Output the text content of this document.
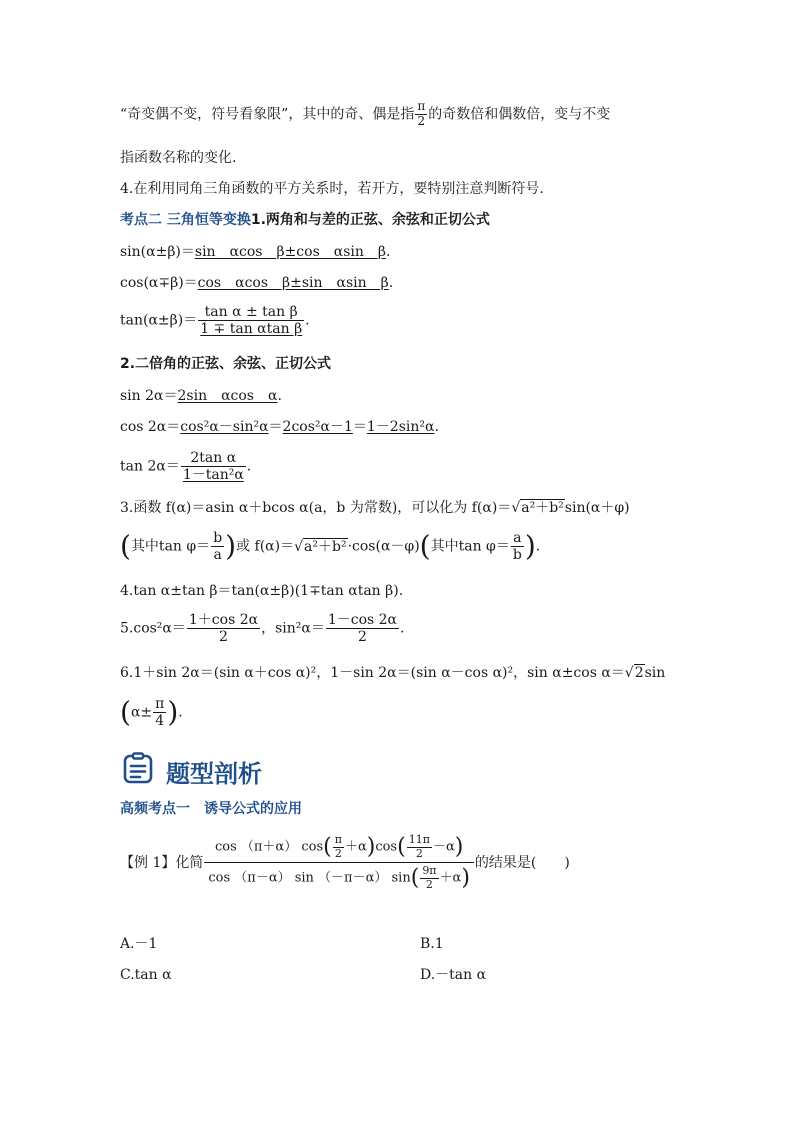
“奇变偶不变，符号看象限”，其中的奇、偶是指 $\frac{\pi}{2}$ 的奇数倍和偶数倍，变与不变
指函数名称的变化.
4.在利用同角三角函数的平方关系时，若开方，要特别注意判断符号.
考点二 三角恒等变换1.两角和与差的正弦、余弦和正切公式
sin(α±β)＝sin　αcos　β±cos　αsin　β.
cos(α∓β)＝cos　αcos　β±sin　αsin　β.
$\tan(\alpha\pm\beta)= \frac{\text{tan α ± tan β}}{\text{1 ∓ tan αtan β}}$ .
2.二倍角的正弦、余弦、正切公式
sin 2α＝2sin　αcos　α.
cos 2α＝cos²α－sin²α＝2cos²α－1＝1－2sin²α.
$\tan 2\alpha= \frac{\text{2tan α}}{\text{1－tan²α}}$ .
3.函数 f(α)＝asin α＋bcos α(a，b 为常数)，可以化为 f(α)＝√a²＋b²sin(α＋φ)
(其中$\tan \varphi= \frac{b}{a}$ )或 f(α)＝√a²＋b²·cos(α－φ)(其中$\tan \varphi= \frac{a}{b}$ ).
4.tan α±tan β＝tan(α±β)(1∓tan αtan β).
$5.\cos^2\alpha= \frac{1+\cos 2\alpha}{2}$ ，$\sin^2\alpha= \frac{1-\cos 2\alpha}{2}$ .
6.1＋sin 2α＝(sin α＋cos α)²，1－sin 2α＝(sin α－cos α)²，sin α±cos α＝√2sin
($\alpha\pm \frac{\pi}{4}$ ).
题型剖析
高频考点一　诱导公式的应用
【例 1】化简 $\frac{\cos (\pi+\alpha) \cos( \frac{\pi}{2} +\alpha)\cos( \frac{11\pi}{2} -\alpha)}{\cos (\pi-\alpha) \sin (-\pi-\alpha) \sin( \frac{9\pi}{2} +\alpha)}$ 的结果是(　　)
A.－1	B.1
C.tan α	D.－tan α
